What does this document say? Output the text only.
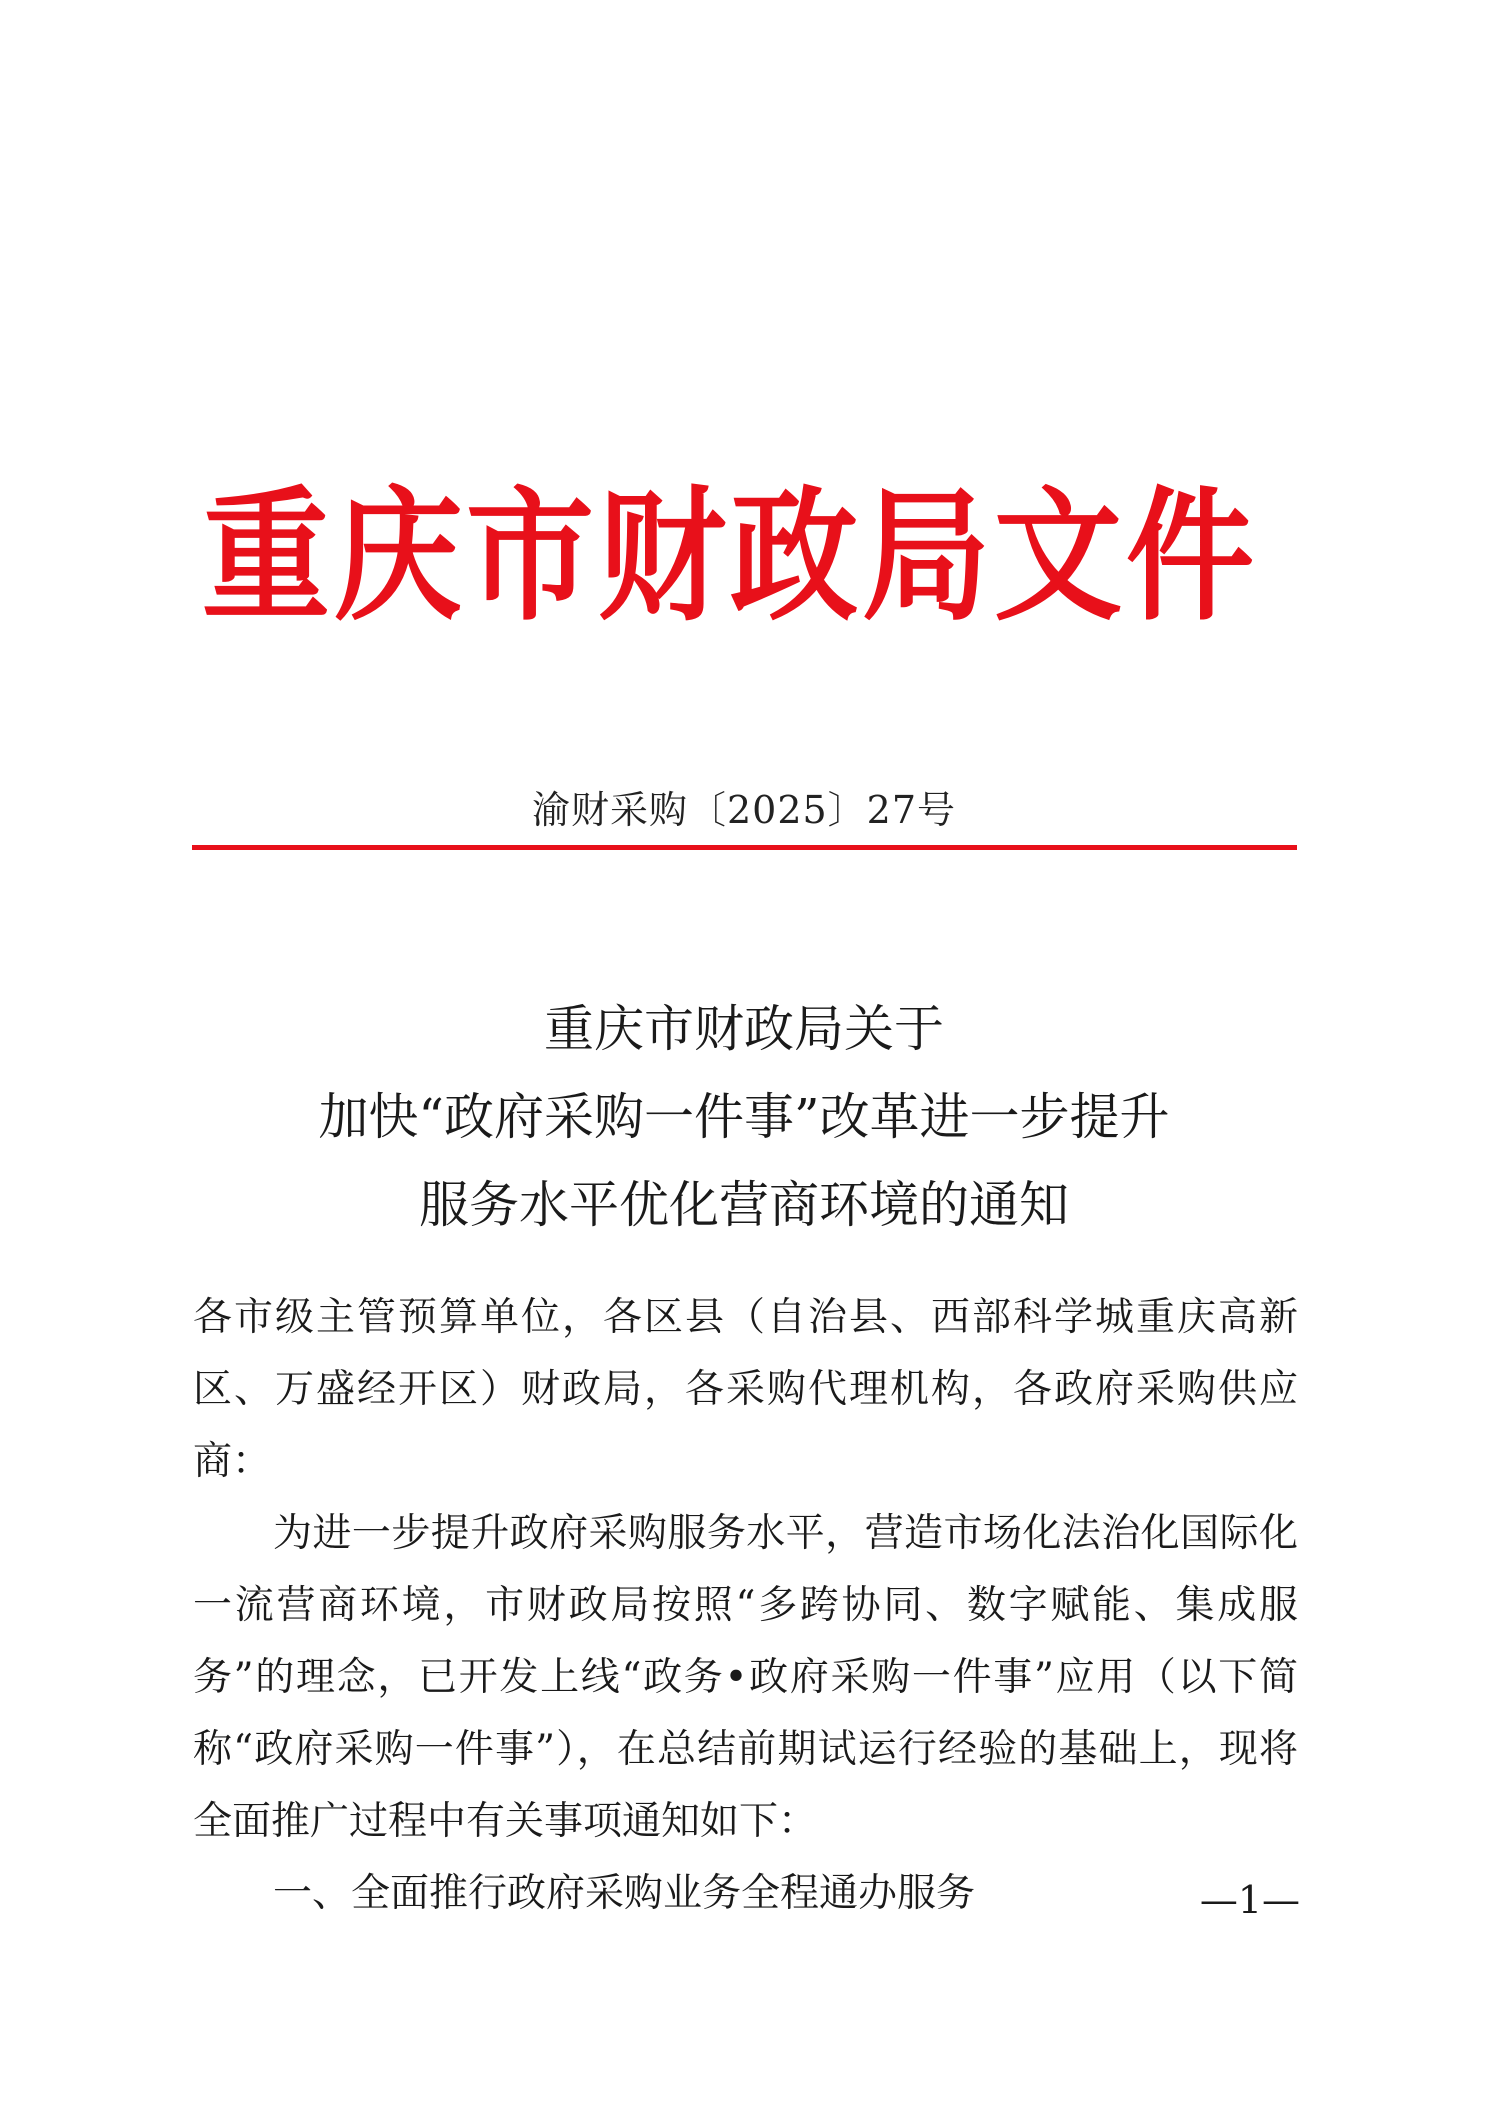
重庆市财政局文件
渝财采购〔2025〕27号
重庆市财政局关于
加快“政府采购一件事”改革进一步提升
服务水平优化营商环境的通知

各市级主管预算单位，各区县（自治县、西部科学城重庆高新区、万盛经开区）财政局，各采购代理机构，各政府采购供应商：

为进一步提升政府采购服务水平，营造市场化法治化国际化一流营商环境，市财政局按照“多跨协同、数字赋能、集成服务”的理念，已开发上线“政务•政府采购一件事”应用（以下简称“政府采购一件事”），在总结前期试运行经验的基础上，现将全面推广过程中有关事项通知如下：

一、全面推行政府采购业务全程通办服务	—1—
